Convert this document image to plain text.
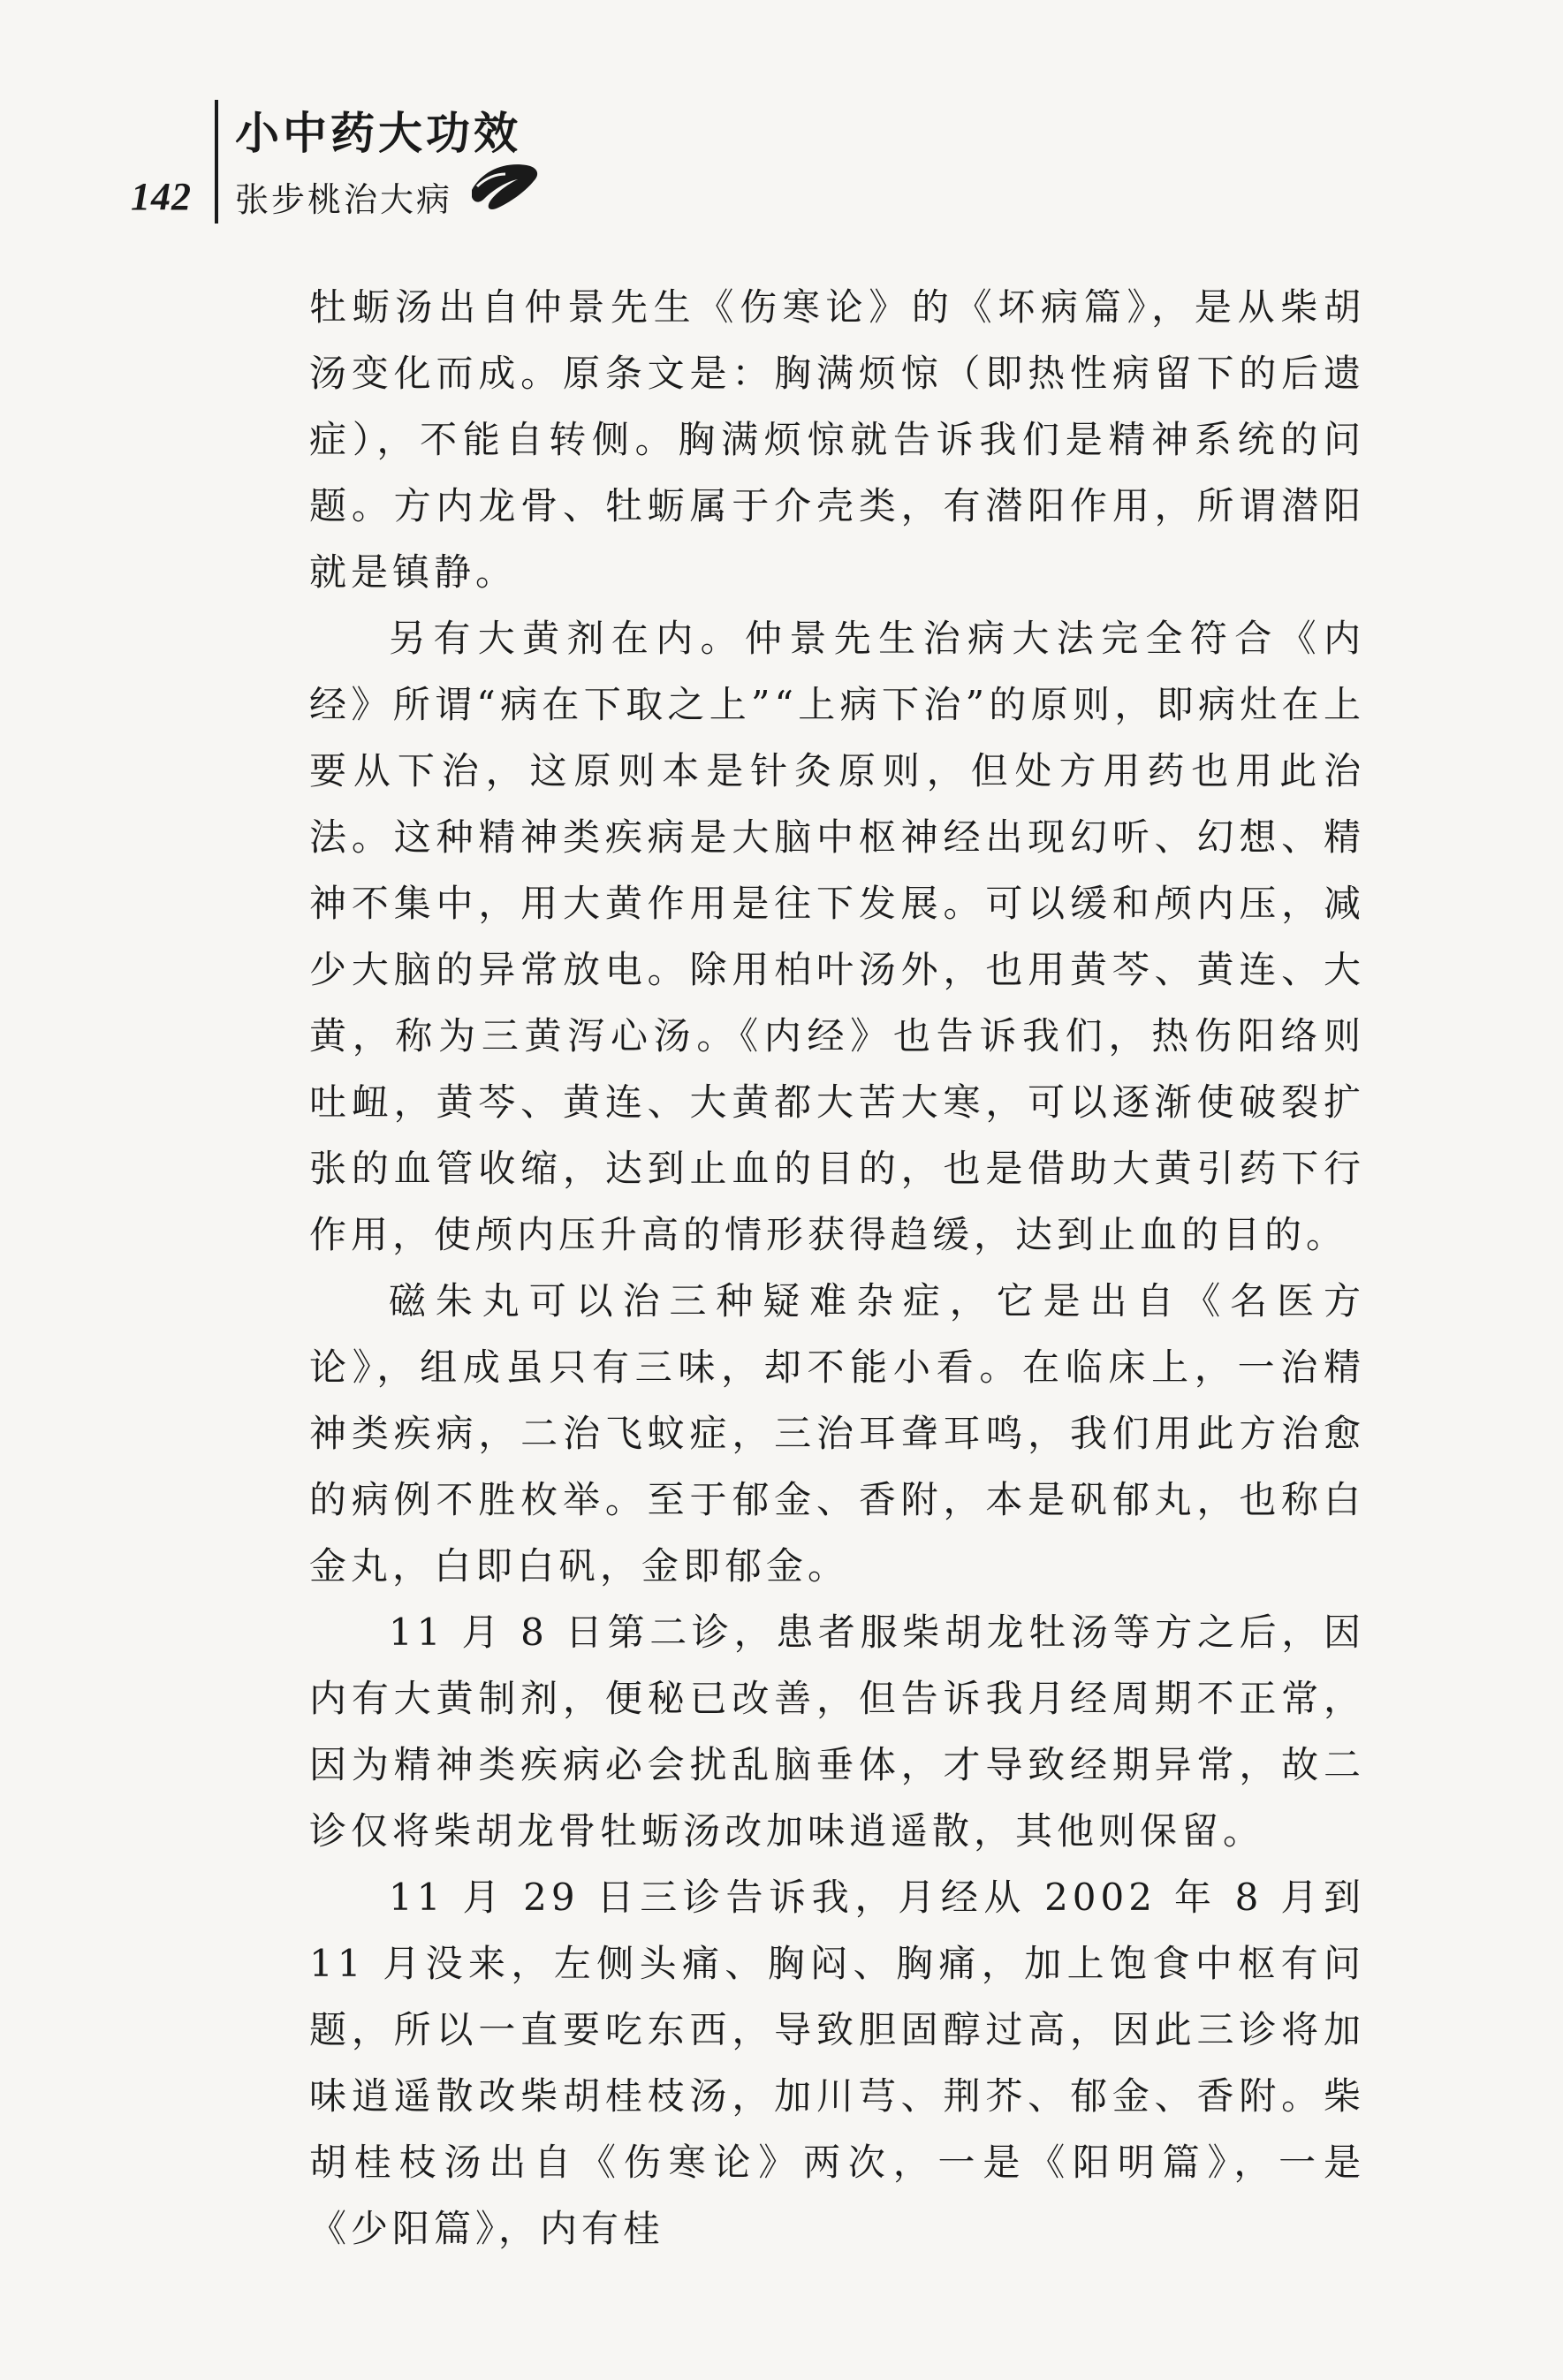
142
小中药大功效
张步桃治大病

牡蛎汤出自仲景先生《伤寒论》的《坏病篇》，是从柴胡汤变化而成。原条文是：胸满烦惊（即热性病留下的后遗症），不能自转侧。胸满烦惊就告诉我们是精神系统的问题。方内龙骨、牡蛎属于介壳类，有潜阳作用，所谓潜阳就是镇静。

另有大黄剂在内。仲景先生治病大法完全符合《内经》所谓“病在下取之上”“上病下治”的原则，即病灶在上要从下治，这原则本是针灸原则，但处方用药也用此治法。这种精神类疾病是大脑中枢神经出现幻听、幻想、精神不集中，用大黄作用是往下发展。可以缓和颅内压，减少大脑的异常放电。除用柏叶汤外，也用黄芩、黄连、大黄，称为三黄泻心汤。《内经》也告诉我们，热伤阳络则吐衄，黄芩、黄连、大黄都大苦大寒，可以逐渐使破裂扩张的血管收缩，达到止血的目的，也是借助大黄引药下行作用，使颅内压升高的情形获得趋缓，达到止血的目的。

磁朱丸可以治三种疑难杂症，它是出自《名医方论》，组成虽只有三味，却不能小看。在临床上，一治精神类疾病，二治飞蚊症，三治耳聋耳鸣，我们用此方治愈的病例不胜枚举。至于郁金、香附，本是矾郁丸，也称白金丸，白即白矾，金即郁金。

11 月 8 日第二诊，患者服柴胡龙牡汤等方之后，因内有大黄制剂，便秘已改善，但告诉我月经周期不正常，因为精神类疾病必会扰乱脑垂体，才导致经期异常，故二诊仅将柴胡龙骨牡蛎汤改加味逍遥散，其他则保留。

11 月 29 日三诊告诉我，月经从 2002 年 8 月到 11 月没来，左侧头痛、胸闷、胸痛，加上饱食中枢有问题，所以一直要吃东西，导致胆固醇过高，因此三诊将加味逍遥散改柴胡桂枝汤，加川芎、荆芥、郁金、香附。柴胡桂枝汤出自《伤寒论》两次，一是《阳明篇》，一是《少阳篇》，内有桂
